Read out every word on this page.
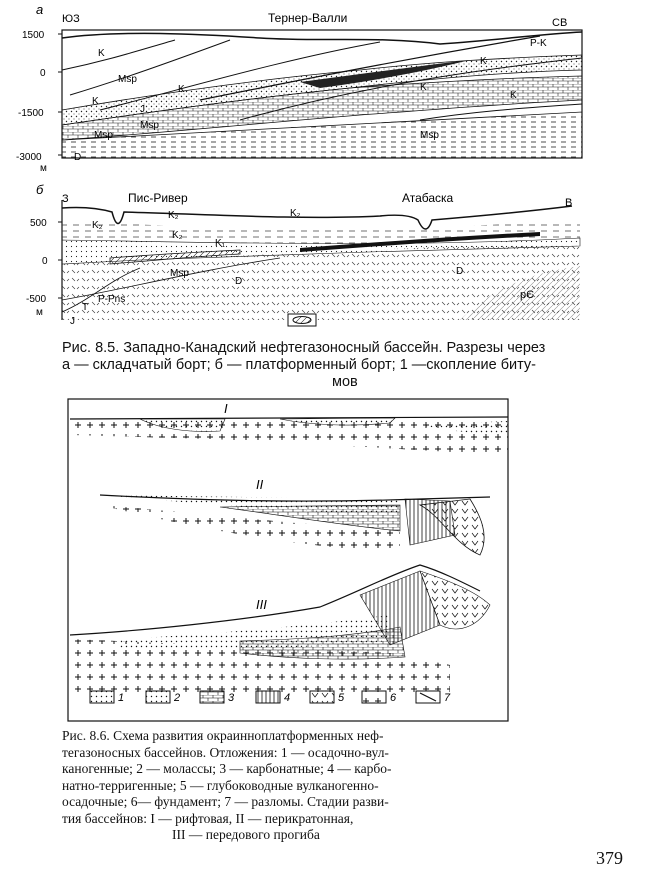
а
ЮЗ	Тернер-Валли	СВ
1500
0
-1500
-3000
м
K
K
K
K
K
K
Msp
Msp
Msp	Msp
J
D
P-K
б
З	В
Пис-Ривер	Атабаска
500
0
-500
м
K₂
K₂
K₂
K₂
K₁
Msp
D
D
P-Pns
T
J
pЄ
Рис. 8.5. Западно-Канадский нефтегазоносный бассейн. Разрезы через
а — складчатый борт; б — платформенный борт; 1 —скопление биту-
мов
I
II
III
1	2	3	4	5	6	7
Рис. 8.6. Схема развития окраинноплатформенных неф-
тегазоносных бассейнов. Отложения: 1 — осадочно-вул-
каногенные; 2 — молассы; 3 — карбонатные; 4 — карбо-
натно-терригенные; 5 — глубоководные вулканогенно-
осадочные; 6— фундамент; 7 — разломы. Стадии разви-
тия бассейнов: I — рифтовая, II — перикратонная,
III — передового прогиба
379
